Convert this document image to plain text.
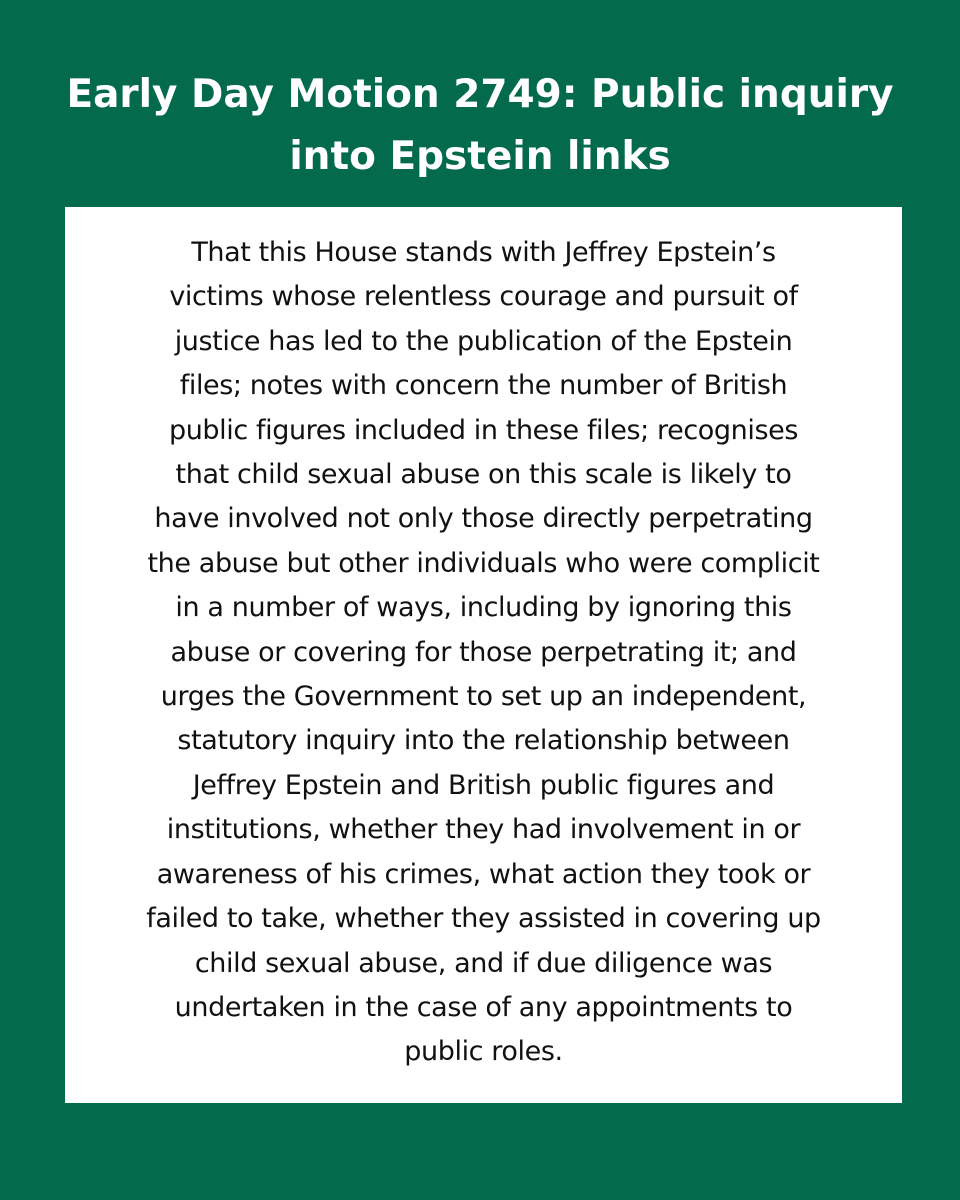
Early Day Motion 2749: Public inquiry
into Epstein links

That this House stands with Jeffrey Epstein’s
victims whose relentless courage and pursuit of
justice has led to the publication of the Epstein
files; notes with concern the number of British
public figures included in these files; recognises
that child sexual abuse on this scale is likely to
have involved not only those directly perpetrating
the abuse but other individuals who were complicit
in a number of ways, including by ignoring this
abuse or covering for those perpetrating it; and
urges the Government to set up an independent,
statutory inquiry into the relationship between
Jeffrey Epstein and British public figures and
institutions, whether they had involvement in or
awareness of his crimes, what action they took or
failed to take, whether they assisted in covering up
child sexual abuse, and if due diligence was
undertaken in the case of any appointments to
public roles.
